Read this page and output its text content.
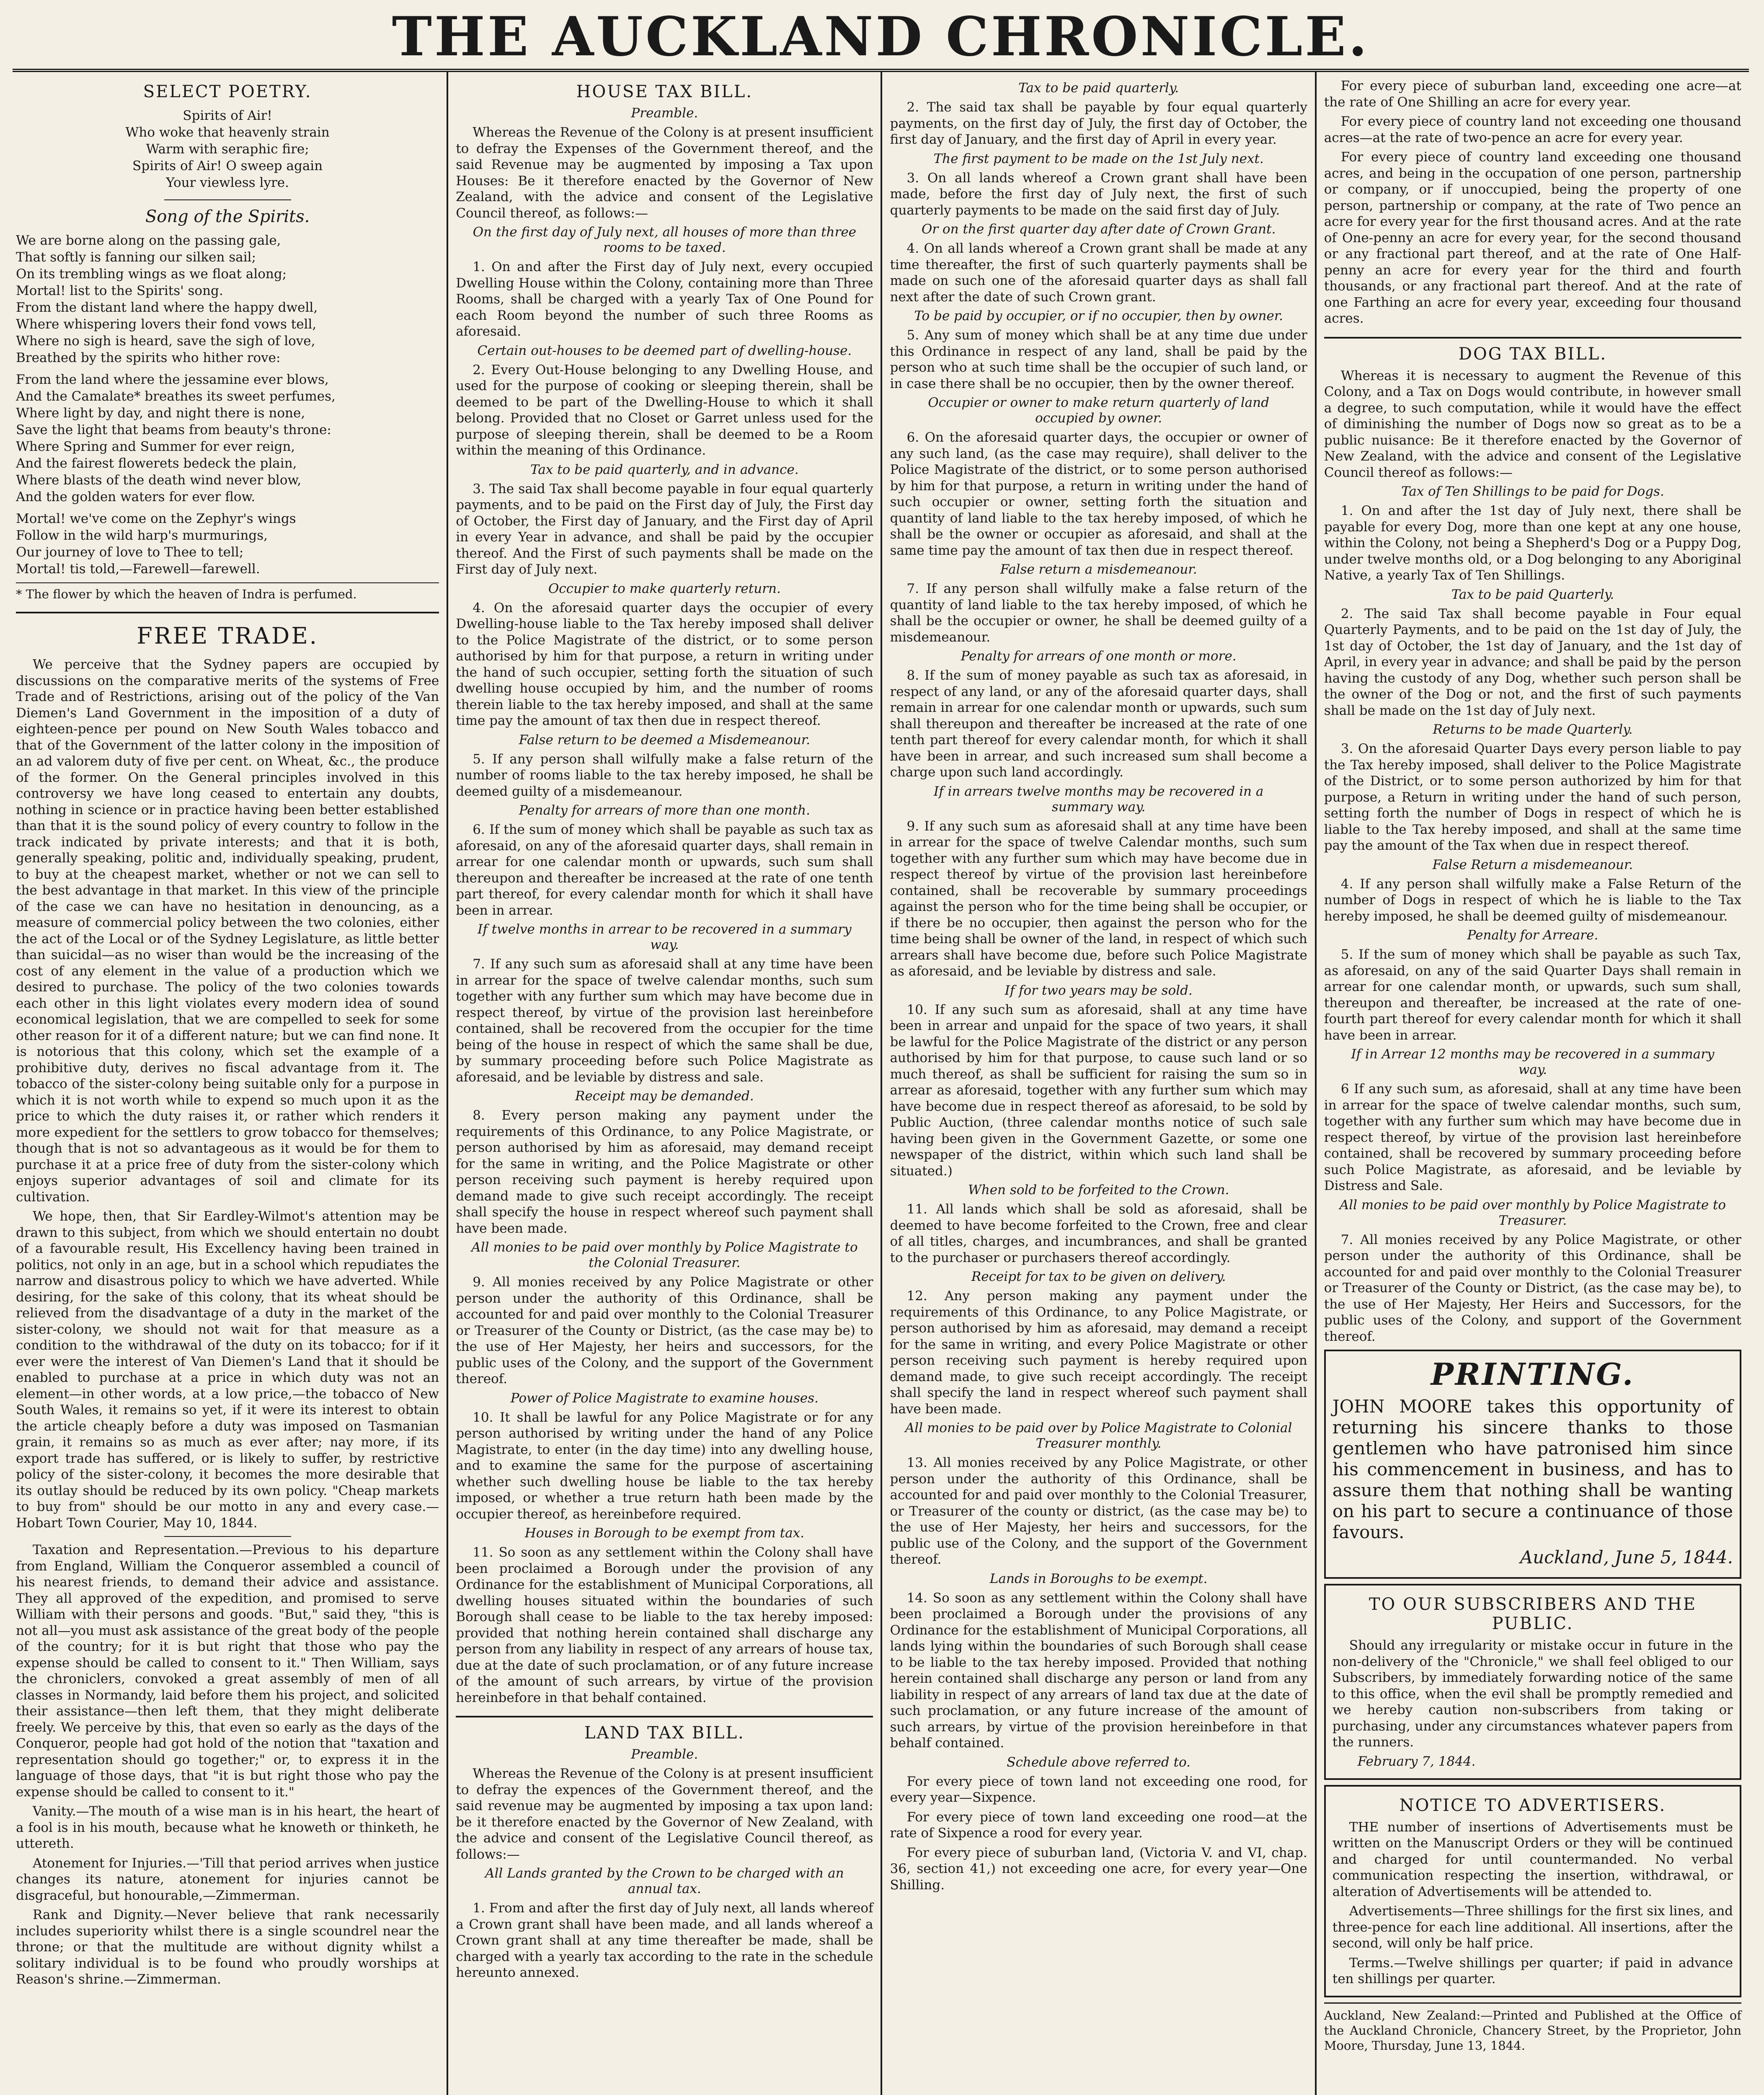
THE AUCKLAND CHRONICLE.
SELECT POETRY.
Spirits of Air!
Who woke that heavenly strain
Warm with seraphic fire;
Spirits of Air! O sweep again
Your viewless lyre.
Song of the Spirits.
We are borne along on the passing gale,
That softly is fanning our silken sail;
On its trembling wings as we float along;
Mortal! list to the Spirits' song.
From the distant land where the happy dwell,
Where whispering lovers their fond vows tell,
Where no sigh is heard, save the sigh of love,
Breathed by the spirits who hither rove:
From the land where the jessamine ever blows,
And the Camalate* breathes its sweet perfumes,
Where light by day, and night there is none,
Save the light that beams from beauty's throne:
Where Spring and Summer for ever reign,
And the fairest flowerets bedeck the plain,
Where blasts of the death wind never blow,
And the golden waters for ever flow.
Mortal! we've come on the Zephyr's wings
Follow in the wild harp's murmurings,
Our journey of love to Thee to tell;
Mortal! tis told,—Farewell—farewell.
* The flower by which the heaven of Indra is perfumed.
FREE TRADE.

We perceive that the Sydney papers are occupied by discussions on the comparative merits of the systems of Free Trade and of Restrictions, arising out of the policy of the Van Diemen's Land Government in the imposition of a duty of eighteen-pence per pound on New South Wales tobacco and that of the Government of the latter colony in the imposition of an ad valorem duty of five per cent. on Wheat, &c., the produce of the former. On the General principles involved in this controversy we have long ceased to entertain any doubts, nothing in science or in practice having been better established than that it is the sound policy of every country to follow in the track indicated by private interests; and that it is both, generally speaking, politic and, individually speaking, prudent, to buy at the cheapest market, whether or not we can sell to the best advantage in that market. In this view of the principle of the case we can have no hesitation in denouncing, as a measure of commercial policy between the two colonies, either the act of the Local or of the Sydney Legislature, as little better than suicidal—as no wiser than would be the increasing of the cost of any element in the value of a production which we desired to purchase. The policy of the two colonies towards each other in this light violates every modern idea of sound economical legislation, that we are compelled to seek for some other reason for it of a different nature; but we can find none. It is notorious that this colony, which set the example of a prohibitive duty, derives no fiscal advantage from it. The tobacco of the sister-colony being suitable only for a purpose in which it is not worth while to expend so much upon it as the price to which the duty raises it, or rather which renders it more expedient for the settlers to grow tobacco for themselves; though that is not so advantageous as it would be for them to purchase it at a price free of duty from the sister-colony which enjoys superior advantages of soil and climate for its cultivation.

We hope, then, that Sir Eardley-Wilmot's attention may be drawn to this subject, from which we should entertain no doubt of a favourable result, His Excellency having been trained in politics, not only in an age, but in a school which repudiates the narrow and disastrous policy to which we have adverted. While desiring, for the sake of this colony, that its wheat should be relieved from the disadvantage of a duty in the market of the sister-colony, we should not wait for that measure as a condition to the withdrawal of the duty on its tobacco; for if it ever were the interest of Van Diemen's Land that it should be enabled to purchase at a price in which duty was not an element—in other words, at a low price,—the tobacco of New South Wales, it remains so yet, if it were its interest to obtain the article cheaply before a duty was imposed on Tasmanian grain, it remains so as much as ever after; nay more, if its export trade has suffered, or is likely to suffer, by restrictive policy of the sister-colony, it becomes the more desirable that its outlay should be reduced by its own policy. "Cheap markets to buy from" should be our motto in any and every case.—Hobart Town Courier, May 10, 1844.

Taxation and Representation.—Previous to his departure from England, William the Conqueror assembled a council of his nearest friends, to demand their advice and assistance. They all approved of the expedition, and promised to serve William with their persons and goods. "But," said they, "this is not all—you must ask assistance of the great body of the people of the country; for it is but right that those who pay the expense should be called to consent to it." Then William, says the chroniclers, convoked a great assembly of men of all classes in Normandy, laid before them his project, and solicited their assistance—then left them, that they might deliberate freely. We perceive by this, that even so early as the days of the Conqueror, people had got hold of the notion that "taxation and representation should go together;" or, to express it in the language of those days, that "it is but right those who pay the expense should be called to consent to it."

Vanity.—The mouth of a wise man is in his heart, the heart of a fool is in his mouth, because what he knoweth or thinketh, he uttereth.

Atonement for Injuries.—'Till that period arrives when justice changes its nature, atonement for injuries cannot be disgraceful, but honourable,—Zimmerman.

Rank and Dignity.—Never believe that rank necessarily includes superiority whilst there is a single scoundrel near the throne; or that the multitude are without dignity whilst a solitary individual is to be found who proudly worships at Reason's shrine.—Zimmerman.

HOUSE TAX BILL.
Preamble.

Whereas the Revenue of the Colony is at present insufficient to defray the Expenses of the Government thereof, and the said Revenue may be augmented by imposing a Tax upon Houses: Be it therefore enacted by the Governor of New Zealand, with the advice and consent of the Legislative Council thereof, as follows:—

On the first day of July next, all houses of more than three rooms to be taxed.

1. On and after the First day of July next, every occupied Dwelling House within the Colony, containing more than Three Rooms, shall be charged with a yearly Tax of One Pound for each Room beyond the number of such three Rooms as aforesaid.

Certain out-houses to be deemed part of dwelling-house.

2. Every Out-House belonging to any Dwelling House, and used for the purpose of cooking or sleeping therein, shall be deemed to be part of the Dwelling-House to which it shall belong. Provided that no Closet or Garret unless used for the purpose of sleeping therein, shall be deemed to be a Room within the meaning of this Ordinance.

Tax to be paid quarterly, and in advance.

3. The said Tax shall become payable in four equal quarterly payments, and to be paid on the First day of July, the First day of October, the First day of January, and the First day of April in every Year in advance, and shall be paid by the occupier thereof. And the First of such payments shall be made on the First day of July next.

Occupier to make quarterly return.

4. On the aforesaid quarter days the occupier of every Dwelling-house liable to the Tax hereby imposed shall deliver to the Police Magistrate of the district, or to some person authorised by him for that purpose, a return in writing under the hand of such occupier, setting forth the situation of such dwelling house occupied by him, and the number of rooms therein liable to the tax hereby imposed, and shall at the same time pay the amount of tax then due in respect thereof.

False return to be deemed a Misdemeanour.

5. If any person shall wilfully make a false return of the number of rooms liable to the tax hereby imposed, he shall be deemed guilty of a misdemeanour.

Penalty for arrears of more than one month.

6. If the sum of money which shall be payable as such tax as aforesaid, on any of the aforesaid quarter days, shall remain in arrear for one calendar month or upwards, such sum shall thereupon and thereafter be increased at the rate of one tenth part thereof, for every calendar month for which it shall have been in arrear.

If twelve months in arrear to be recovered in a summary way.

7. If any such sum as aforesaid shall at any time have been in arrear for the space of twelve calendar months, such sum together with any further sum which may have become due in respect thereof, by virtue of the provision last hereinbefore contained, shall be recovered from the occupier for the time being of the house in respect of which the same shall be due, by summary proceeding before such Police Magistrate as aforesaid, and be leviable by distress and sale.

Receipt may be demanded.

8. Every person making any payment under the requirements of this Ordinance, to any Police Magistrate, or person authorised by him as aforesaid, may demand receipt for the same in writing, and the Police Magistrate or other person receiving such payment is hereby required upon demand made to give such receipt accordingly. The receipt shall specify the house in respect whereof such payment shall have been made.

All monies to be paid over monthly by Police Magistrate to the Colonial Treasurer.

9. All monies received by any Police Magistrate or other person under the authority of this Ordinance, shall be accounted for and paid over monthly to the Colonial Treasurer or Treasurer of the County or District, (as the case may be) to the use of Her Majesty, her heirs and successors, for the public uses of the Colony, and the support of the Government thereof.

Power of Police Magistrate to examine houses.

10. It shall be lawful for any Police Magistrate or for any person authorised by writing under the hand of any Police Magistrate, to enter (in the day time) into any dwelling house, and to examine the same for the purpose of ascertaining whether such dwelling house be liable to the tax hereby imposed, or whether a true return hath been made by the occupier thereof, as hereinbefore required.

Houses in Borough to be exempt from tax.

11. So soon as any settlement within the Colony shall have been proclaimed a Borough under the provision of any Ordinance for the establishment of Municipal Corporations, all dwelling houses situated within the boundaries of such Borough shall cease to be liable to the tax hereby imposed: provided that nothing herein contained shall discharge any person from any liability in respect of any arrears of house tax, due at the date of such proclamation, or of any future increase of the amount of such arrears, by virtue of the provision hereinbefore in that behalf contained.

LAND TAX BILL.
Preamble.

Whereas the Revenue of the Colony is at present insufficient to defray the expences of the Government thereof, and the said revenue may be augmented by imposing a tax upon land: be it therefore enacted by the Governor of New Zealand, with the advice and consent of the Legislative Council thereof, as follows:—

All Lands granted by the Crown to be charged with an annual tax.

1. From and after the first day of July next, all lands whereof a Crown grant shall have been made, and all lands whereof a Crown grant shall at any time thereafter be made, shall be charged with a yearly tax according to the rate in the schedule hereunto annexed.

Tax to be paid quarterly.

2. The said tax shall be payable by four equal quarterly payments, on the first day of July, the first day of October, the first day of January, and the first day of April in every year.

The first payment to be made on the 1st July next.

3. On all lands whereof a Crown grant shall have been made, before the first day of July next, the first of such quarterly payments to be made on the said first day of July.

Or on the first quarter day after date of Crown Grant.

4. On all lands whereof a Crown grant shall be made at any time thereafter, the first of such quarterly payments shall be made on such one of the aforesaid quarter days as shall fall next after the date of such Crown grant.

To be paid by occupier, or if no occupier, then by owner.

5. Any sum of money which shall be at any time due under this Ordinance in respect of any land, shall be paid by the person who at such time shall be the occupier of such land, or in case there shall be no occupier, then by the owner thereof.

Occupier or owner to make return quarterly of land occupied by owner.

6. On the aforesaid quarter days, the occupier or owner of any such land, (as the case may require), shall deliver to the Police Magistrate of the district, or to some person authorised by him for that purpose, a return in writing under the hand of such occupier or owner, setting forth the situation and quantity of land liable to the tax hereby imposed, of which he shall be the owner or occupier as aforesaid, and shall at the same time pay the amount of tax then due in respect thereof.

False return a misdemeanour.

7. If any person shall wilfully make a false return of the quantity of land liable to the tax hereby imposed, of which he shall be the occupier or owner, he shall be deemed guilty of a misdemeanour.

Penalty for arrears of one month or more.

8. If the sum of money payable as such tax as aforesaid, in respect of any land, or any of the aforesaid quarter days, shall remain in arrear for one calendar month or upwards, such sum shall thereupon and thereafter be increased at the rate of one tenth part thereof for every calendar month, for which it shall have been in arrear, and such increased sum shall become a charge upon such land accordingly.

If in arrears twelve months may be recovered in a summary way.

9. If any such sum as aforesaid shall at any time have been in arrear for the space of twelve Calendar months, such sum together with any further sum which may have become due in respect thereof by virtue of the provision last hereinbefore contained, shall be recoverable by summary proceedings against the person who for the time being shall be occupier, or if there be no occupier, then against the person who for the time being shall be owner of the land, in respect of which such arrears shall have become due, before such Police Magistrate as aforesaid, and be leviable by distress and sale.

If for two years may be sold.

10. If any such sum as aforesaid, shall at any time have been in arrear and unpaid for the space of two years, it shall be lawful for the Police Magistrate of the district or any person authorised by him for that purpose, to cause such land or so much thereof, as shall be sufficient for raising the sum so in arrear as aforesaid, together with any further sum which may have become due in respect thereof as aforesaid, to be sold by Public Auction, (three calendar months notice of such sale having been given in the Government Gazette, or some one newspaper of the district, within which such land shall be situated.)

When sold to be forfeited to the Crown.

11. All lands which shall be sold as aforesaid, shall be deemed to have become forfeited to the Crown, free and clear of all titles, charges, and incumbrances, and shall be granted to the purchaser or purchasers thereof accordingly.

Receipt for tax to be given on delivery.

12. Any person making any payment under the requirements of this Ordinance, to any Police Magistrate, or person authorised by him as aforesaid, may demand a receipt for the same in writing, and every Police Magistrate or other person receiving such payment is hereby required upon demand made, to give such receipt accordingly. The receipt shall specify the land in respect whereof such payment shall have been made.

All monies to be paid over by Police Magistrate to Colonial Treasurer monthly.

13. All monies received by any Police Magistrate, or other person under the authority of this Ordinance, shall be accounted for and paid over monthly to the Colonial Treasurer, or Treasurer of the county or district, (as the case may be) to the use of Her Majesty, her heirs and successors, for the public use of the Colony, and the support of the Government thereof.

Lands in Boroughs to be exempt.

14. So soon as any settlement within the Colony shall have been proclaimed a Borough under the provisions of any Ordinance for the establishment of Municipal Corporations, all lands lying within the boundaries of such Borough shall cease to be liable to the tax hereby imposed. Provided that nothing herein contained shall discharge any person or land from any liability in respect of any arrears of land tax due at the date of such proclamation, or any future increase of the amount of such arrears, by virtue of the provision hereinbefore in that behalf contained.

Schedule above referred to.

For every piece of town land not exceeding one rood, for every year—Sixpence.

For every piece of town land exceeding one rood—at the rate of Sixpence a rood for every year.

For every piece of suburban land, (Victoria V. and VI, chap. 36, section 41,) not exceeding one acre, for every year—One Shilling.

For every piece of suburban land, exceeding one acre—at the rate of One Shilling an acre for every year.

For every piece of country land not exceeding one thousand acres—at the rate of two-pence an acre for every year.

For every piece of country land exceeding one thousand acres, and being in the occupation of one person, partnership or company, or if unoccupied, being the property of one person, partnership or company, at the rate of Two pence an acre for every year for the first thousand acres. And at the rate of One-penny an acre for every year, for the second thousand or any fractional part thereof, and at the rate of One Half-penny an acre for every year for the third and fourth thousands, or any fractional part thereof. And at the rate of one Farthing an acre for every year, exceeding four thousand acres.

DOG TAX BILL.

Whereas it is necessary to augment the Revenue of this Colony, and a Tax on Dogs would contribute, in however small a degree, to such computation, while it would have the effect of diminishing the number of Dogs now so great as to be a public nuisance: Be it therefore enacted by the Governor of New Zealand, with the advice and consent of the Legislative Council thereof as follows:—

Tax of Ten Shillings to be paid for Dogs.

1. On and after the 1st day of July next, there shall be payable for every Dog, more than one kept at any one house, within the Colony, not being a Shepherd's Dog or a Puppy Dog, under twelve months old, or a Dog belonging to any Aboriginal Native, a yearly Tax of Ten Shillings.

Tax to be paid Quarterly.

2. The said Tax shall become payable in Four equal Quarterly Payments, and to be paid on the 1st day of July, the 1st day of October, the 1st day of January, and the 1st day of April, in every year in advance; and shall be paid by the person having the custody of any Dog, whether such person shall be the owner of the Dog or not, and the first of such payments shall be made on the 1st day of July next.

Returns to be made Quarterly.

3. On the aforesaid Quarter Days every person liable to pay the Tax hereby imposed, shall deliver to the Police Magistrate of the District, or to some person authorized by him for that purpose, a Return in writing under the hand of such person, setting forth the number of Dogs in respect of which he is liable to the Tax hereby imposed, and shall at the same time pay the amount of the Tax when due in respect thereof.

False Return a misdemeanour.

4. If any person shall wilfully make a False Return of the number of Dogs in respect of which he is liable to the Tax hereby imposed, he shall be deemed guilty of misdemeanour.

Penalty for Arreare.

5. If the sum of money which shall be payable as such Tax, as aforesaid, on any of the said Quarter Days shall remain in arrear for one calendar month, or upwards, such sum shall, thereupon and thereafter, be increased at the rate of one-fourth part thereof for every calendar month for which it shall have been in arrear.

If in Arrear 12 months may be recovered in a summary way.

6 If any such sum, as aforesaid, shall at any time have been in arrear for the space of twelve calendar months, such sum, together with any further sum which may have become due in respect thereof, by virtue of the provision last hereinbefore contained, shall be recovered by summary proceeding before such Police Magistrate, as aforesaid, and be leviable by Distress and Sale.

All monies to be paid over monthly by Police Magistrate to Treasurer.

7. All monies received by any Police Magistrate, or other person under the authority of this Ordinance, shall be accounted for and paid over monthly to the Colonial Treasurer or Treasurer of the County or District, (as the case may be), to the use of Her Majesty, Her Heirs and Successors, for the public uses of the Colony, and support of the Government thereof.

PRINTING.
JOHN MOORE takes this opportunity of returning his sincere thanks to those gentlemen who have patronised him since his commencement in business, and has to assure them that nothing shall be wanting on his part to secure a continuance of those favours.
Auckland, June 5, 1844.
TO OUR SUBSCRIBERS AND THE PUBLIC.

Should any irregularity or mistake occur in future in the non-delivery of the "Chronicle," we shall feel obliged to our Subscribers, by immediately forwarding notice of the same to this office, when the evil shall be promptly remedied and we hereby caution non-subscribers from taking or purchasing, under any circumstances whatever papers from the runners.

February 7, 1844.
NOTICE TO ADVERTISERS.

THE number of insertions of Advertisements must be written on the Manuscript Orders or they will be continued and charged for until countermanded. No verbal communication respecting the insertion, withdrawal, or alteration of Advertisements will be attended to.

Advertisements—Three shillings for the first six lines, and three-pence for each line additional. All insertions, after the second, will only be half price.

Terms.—Twelve shillings per quarter; if paid in advance ten shillings per quarter.

Auckland, New Zealand:—Printed and Published at the Office of the Auckland Chronicle, Chancery Street, by the Proprietor, John Moore, Thursday, June 13, 1844.
